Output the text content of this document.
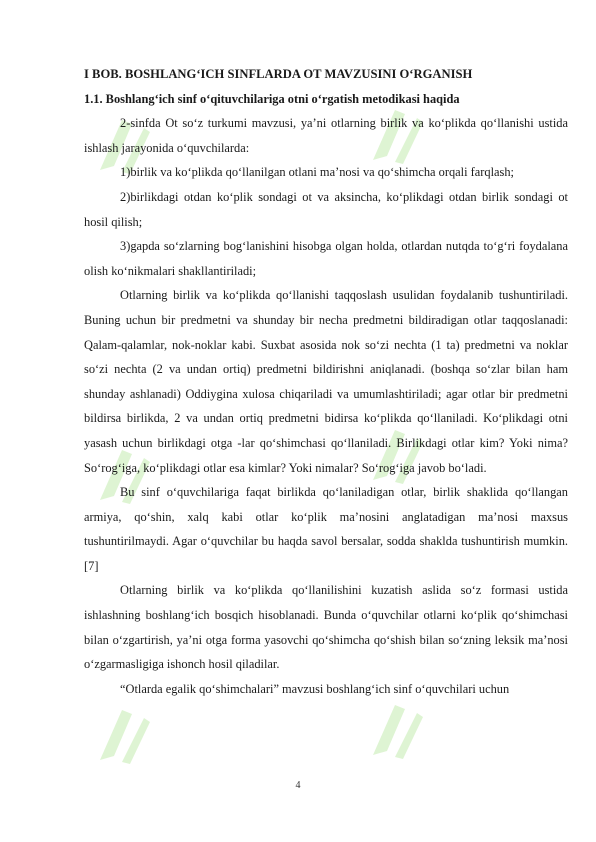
I BOB. BOSHLANG‘ICH SINFLARDA OT MAVZUSINI O‘RGANISH
1.1. Boshlang‘ich sinf o‘qituvchilariga otni o‘rgatish metodikasi haqida

2-sinfda Ot so‘z turkumi mavzusi, ya’ni otlarning birlik va ko‘plikda qo‘llanishi ustida ishlash jarayonida o‘quvchilarda:

1)birlik va ko‘plikda qo‘llanilgan otlani ma’nosi va qo‘shimcha orqali farqlash;

2)birlikdagi otdan ko‘plik sondagi ot va aksincha, ko‘plikdagi otdan birlik sondagi ot hosil qilish;

3)gapda so‘zlarning bog‘lanishini hisobga olgan holda, otlardan nutqda to‘g‘ri foydalana olish ko‘nikmalari shakllantiriladi;

Otlarning birlik va ko‘plikda qo‘llanishi taqqoslash usulidan foydalanib tushuntiriladi. Buning uchun bir predmetni va shunday bir necha predmetni bildiradigan otlar taqqoslanadi: Qalam-qalamlar, nok-noklar kabi. Suxbat asosida nok so‘zi nechta (1 ta) predmetni va noklar so‘zi nechta (2 va undan ortiq) predmetni bildirishni aniqlanadi. (boshqa so‘zlar bilan ham shunday ashlanadi) Oddiygina xulosa chiqariladi va umumlashtiriladi; agar otlar bir predmetni bildirsa birlikda, 2 va undan ortiq predmetni bidirsa ko‘plikda qo‘llaniladi. Ko‘plikdagi otni yasash uchun birlikdagi otga -lar qo‘shimchasi qo‘llaniladi. Birlikdagi otlar kim? Yoki nima? So‘rog‘iga, ko‘plikdagi otlar esa kimlar? Yoki nimalar? So‘rog‘iga javob bo‘ladi.

Bu sinf o‘quvchilariga faqat birlikda qo‘laniladigan otlar, birlik shaklida qo‘llangan armiya, qo‘shin, xalq kabi otlar ko‘plik ma’nosini anglatadigan ma’nosi maxsus tushuntirilmaydi. Agar o‘quvchilar bu haqda savol bersalar, sodda shaklda tushuntirish mumkin.[7]

Otlarning birlik va ko‘plikda qo‘llanilishini kuzatish aslida so‘z formasi ustida ishlashning boshlang‘ich bosqich hisoblanadi. Bunda o‘quvchilar otlarni ko‘plik qo‘shimchasi bilan o‘zgartirish, ya’ni otga forma yasovchi qo‘shimcha qo‘shish bilan so‘zning leksik ma’nosi o‘zgarmasligiga ishonch hosil qiladilar.

“Otlarda egalik qo‘shimchalari” mavzusi boshlang‘ich sinf o‘quvchilari uchun

4
